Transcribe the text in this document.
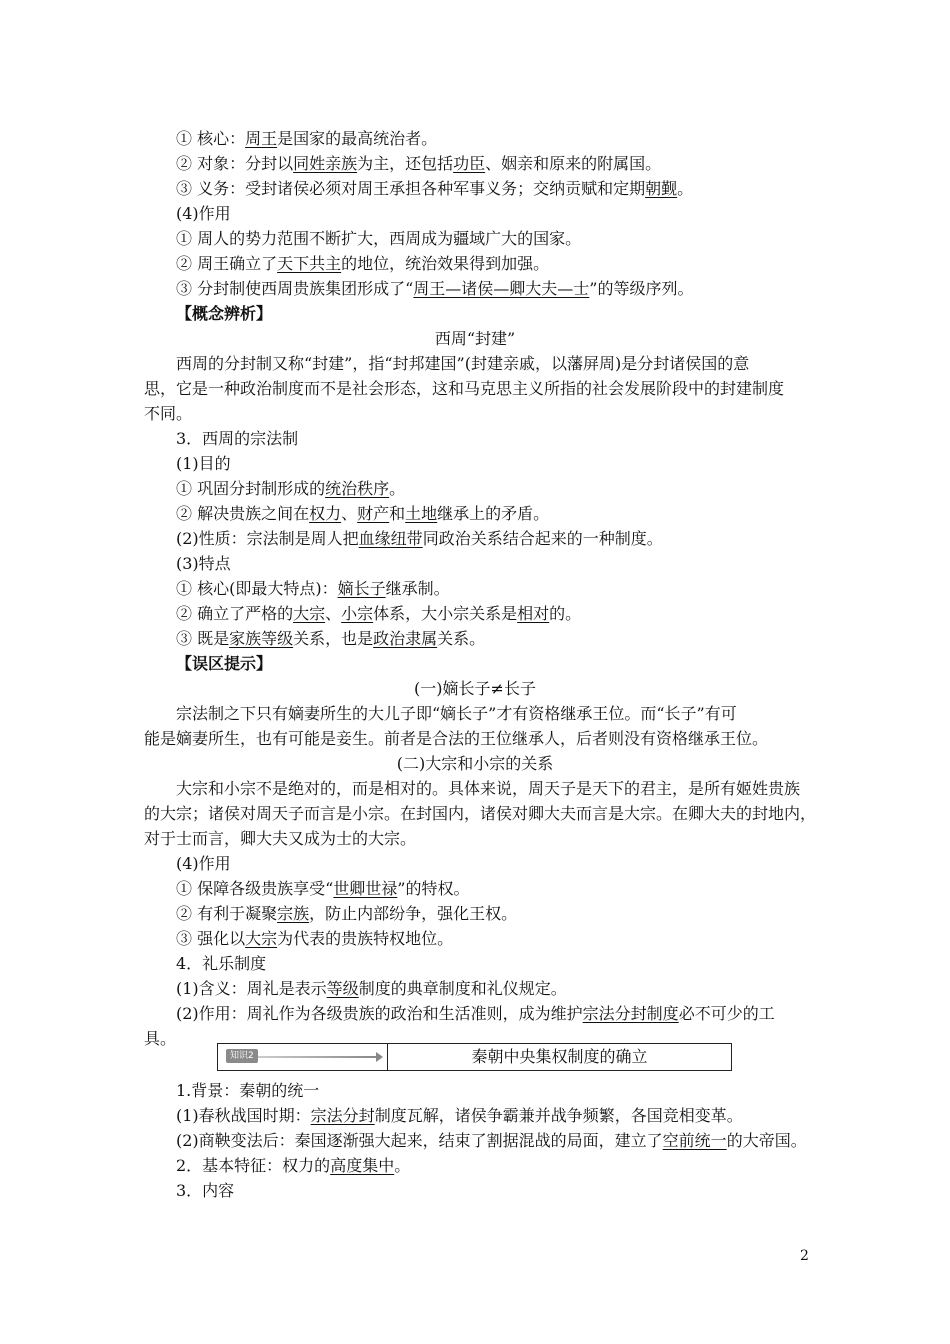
① 核心：周王是国家的最高统治者。
② 对象：分封以同姓亲族为主，还包括功臣、姻亲和原来的附属国。
③ 义务：受封诸侯必须对周王承担各种军事义务；交纳贡赋和定期朝觐。
(4)作用
① 周人的势力范围不断扩大，西周成为疆域广大的国家。
② 周王确立了天下共主的地位，统治效果得到加强。
③ 分封制使西周贵族集团形成了“周王—诸侯—卿大夫—士”的等级序列。
【概念辨析】
西周“封建”
西周的分封制又称“封建”，指“封邦建国”(封建亲戚，以藩屏周)是分封诸侯国的意
思，它是一种政治制度而不是社会形态，这和马克思主义所指的社会发展阶段中的封建制度
不同。
3．西周的宗法制
(1)目的
① 巩固分封制形成的统治秩序。
② 解决贵族之间在权力、财产和土地继承上的矛盾。
(2)性质：宗法制是周人把血缘纽带同政治关系结合起来的一种制度。
(3)特点
① 核心(即最大特点)：嫡长子继承制。
② 确立了严格的大宗、小宗体系，大小宗关系是相对的。
③ 既是家族等级关系，也是政治隶属关系。
【误区提示】
(一)嫡长子≠长子
宗法制之下只有嫡妻所生的大儿子即“嫡长子”才有资格继承王位。而“长子”有可
能是嫡妻所生，也有可能是妾生。前者是合法的王位继承人，后者则没有资格继承王位。
(二)大宗和小宗的关系
大宗和小宗不是绝对的，而是相对的。具体来说，周天子是天下的君主，是所有姬姓贵族
的大宗；诸侯对周天子而言是小宗。在封国内，诸侯对卿大夫而言是大宗。在卿大夫的封地内，
对于士而言，卿大夫又成为士的大宗。
(4)作用
① 保障各级贵族享受“世卿世禄”的特权。
② 有利于凝聚宗族，防止内部纷争，强化王权。
③ 强化以大宗为代表的贵族特权地位。
4．礼乐制度
(1)含义：周礼是表示等级制度的典章制度和礼仪规定。
(2)作用：周礼作为各级贵族的政治和生活准则，成为维护宗法分封制度必不可少的工
具。
知识2	秦朝中央集权制度的确立
1.背景：秦朝的统一
(1)春秋战国时期：宗法分封制度瓦解，诸侯争霸兼并战争频繁，各国竞相变革。
(2)商鞅变法后：秦国逐渐强大起来，结束了割据混战的局面，建立了空前统一的大帝国。
2．基本特征：权力的高度集中。
3．内容
2
